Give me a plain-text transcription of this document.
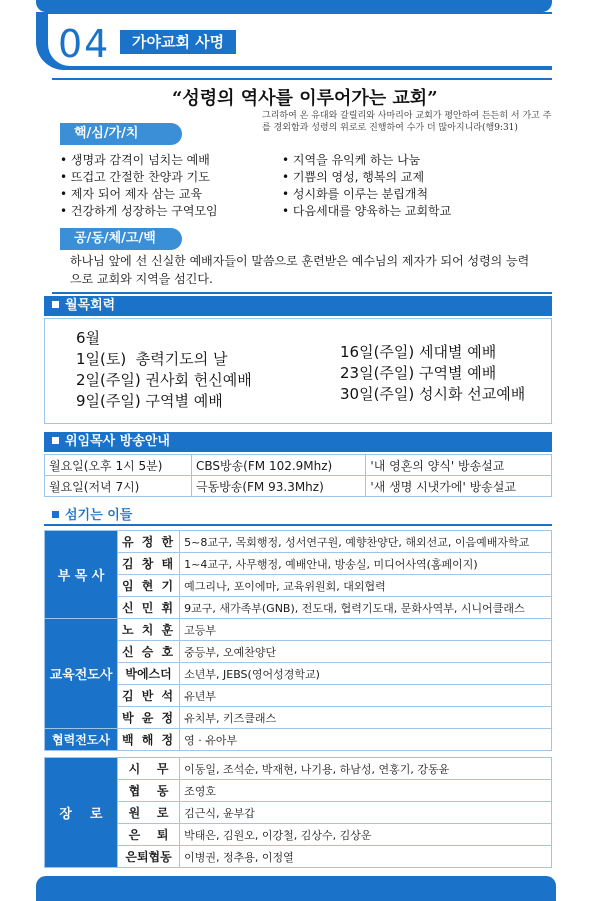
04	가야교회 사명
“성령의 역사를 이루어가는 교회”
그리하여 온 유대와 갈릴리와 사마리아 교회가 평안하여 든든히 서 가고 주를 경외함과 성령의 위로로 진행하여 수가 더 많아지니라(행9:31)
핵/심/가/치
• 생명과 감격이 넘치는 예배
• 뜨겁고 간절한 찬양과 기도
• 제자 되어 제자 삼는 교육
• 건강하게 성장하는 구역모임
• 지역을 유익케 하는 나눔
• 기쁨의 영성, 행복의 교제
• 성시화를 이루는 분립개척
• 다음세대를 양육하는 교회학교
공/동/체/고/백
하나님 앞에 선 신실한 예배자들이 말씀으로 훈련받은 예수님의 제자가 되어 성령의 능력으로 교회와 지역을 섬긴다.
월목회력
6월
1일(토)  총력기도의 날
2일(주일) 권사회 헌신예배
9일(주일) 구역별 예배
16일(주일) 세대별 예배
23일(주일) 구역별 예배
30일(주일) 성시화 선교예배
위임목사 방송안내
월요일(오후 1시 5분)	CBS방송(FM 102.9Mhz)	'내 영혼의 양식' 방송설교
월요일(저녁 7시)	극동방송(FM 93.3Mhz)	'새 생명 시냇가에' 방송설교
섬기는 이들
부 목 사	유 정 한	5~8교구, 목회행정, 성서연구원, 예향찬양단, 해외선교, 이음예배자학교
	김 창 태	1~4교구, 사무행정, 예배안내, 방송실, 미디어사역(홈페이지)
	임 현 기	예그리나, 포이에마, 교육위원회, 대외협력
	신 민 휘	9교구, 새가족부(GNB), 전도대, 협력기도대, 문화사역부, 시니어클래스
교육전도사	노 치 훈	고등부
	신 승 호	중등부, 오예찬양단
	박에스더	소년부, JEBS(영어성경학교)
	김 반 석	유년부
	박 윤 정	유치부, 키즈클래스
협력전도사	백 해 정	영 · 유아부

장    로	시    무	이동일, 조석순, 박재현, 나기용, 하남성, 연홍기, 강동윤
	협    동	조영호
	원    로	김근식, 윤부갑
	은    퇴	박태은, 김원오, 이강철, 김상수, 김상운
	은퇴협동	이병권, 정추용, 이정열
